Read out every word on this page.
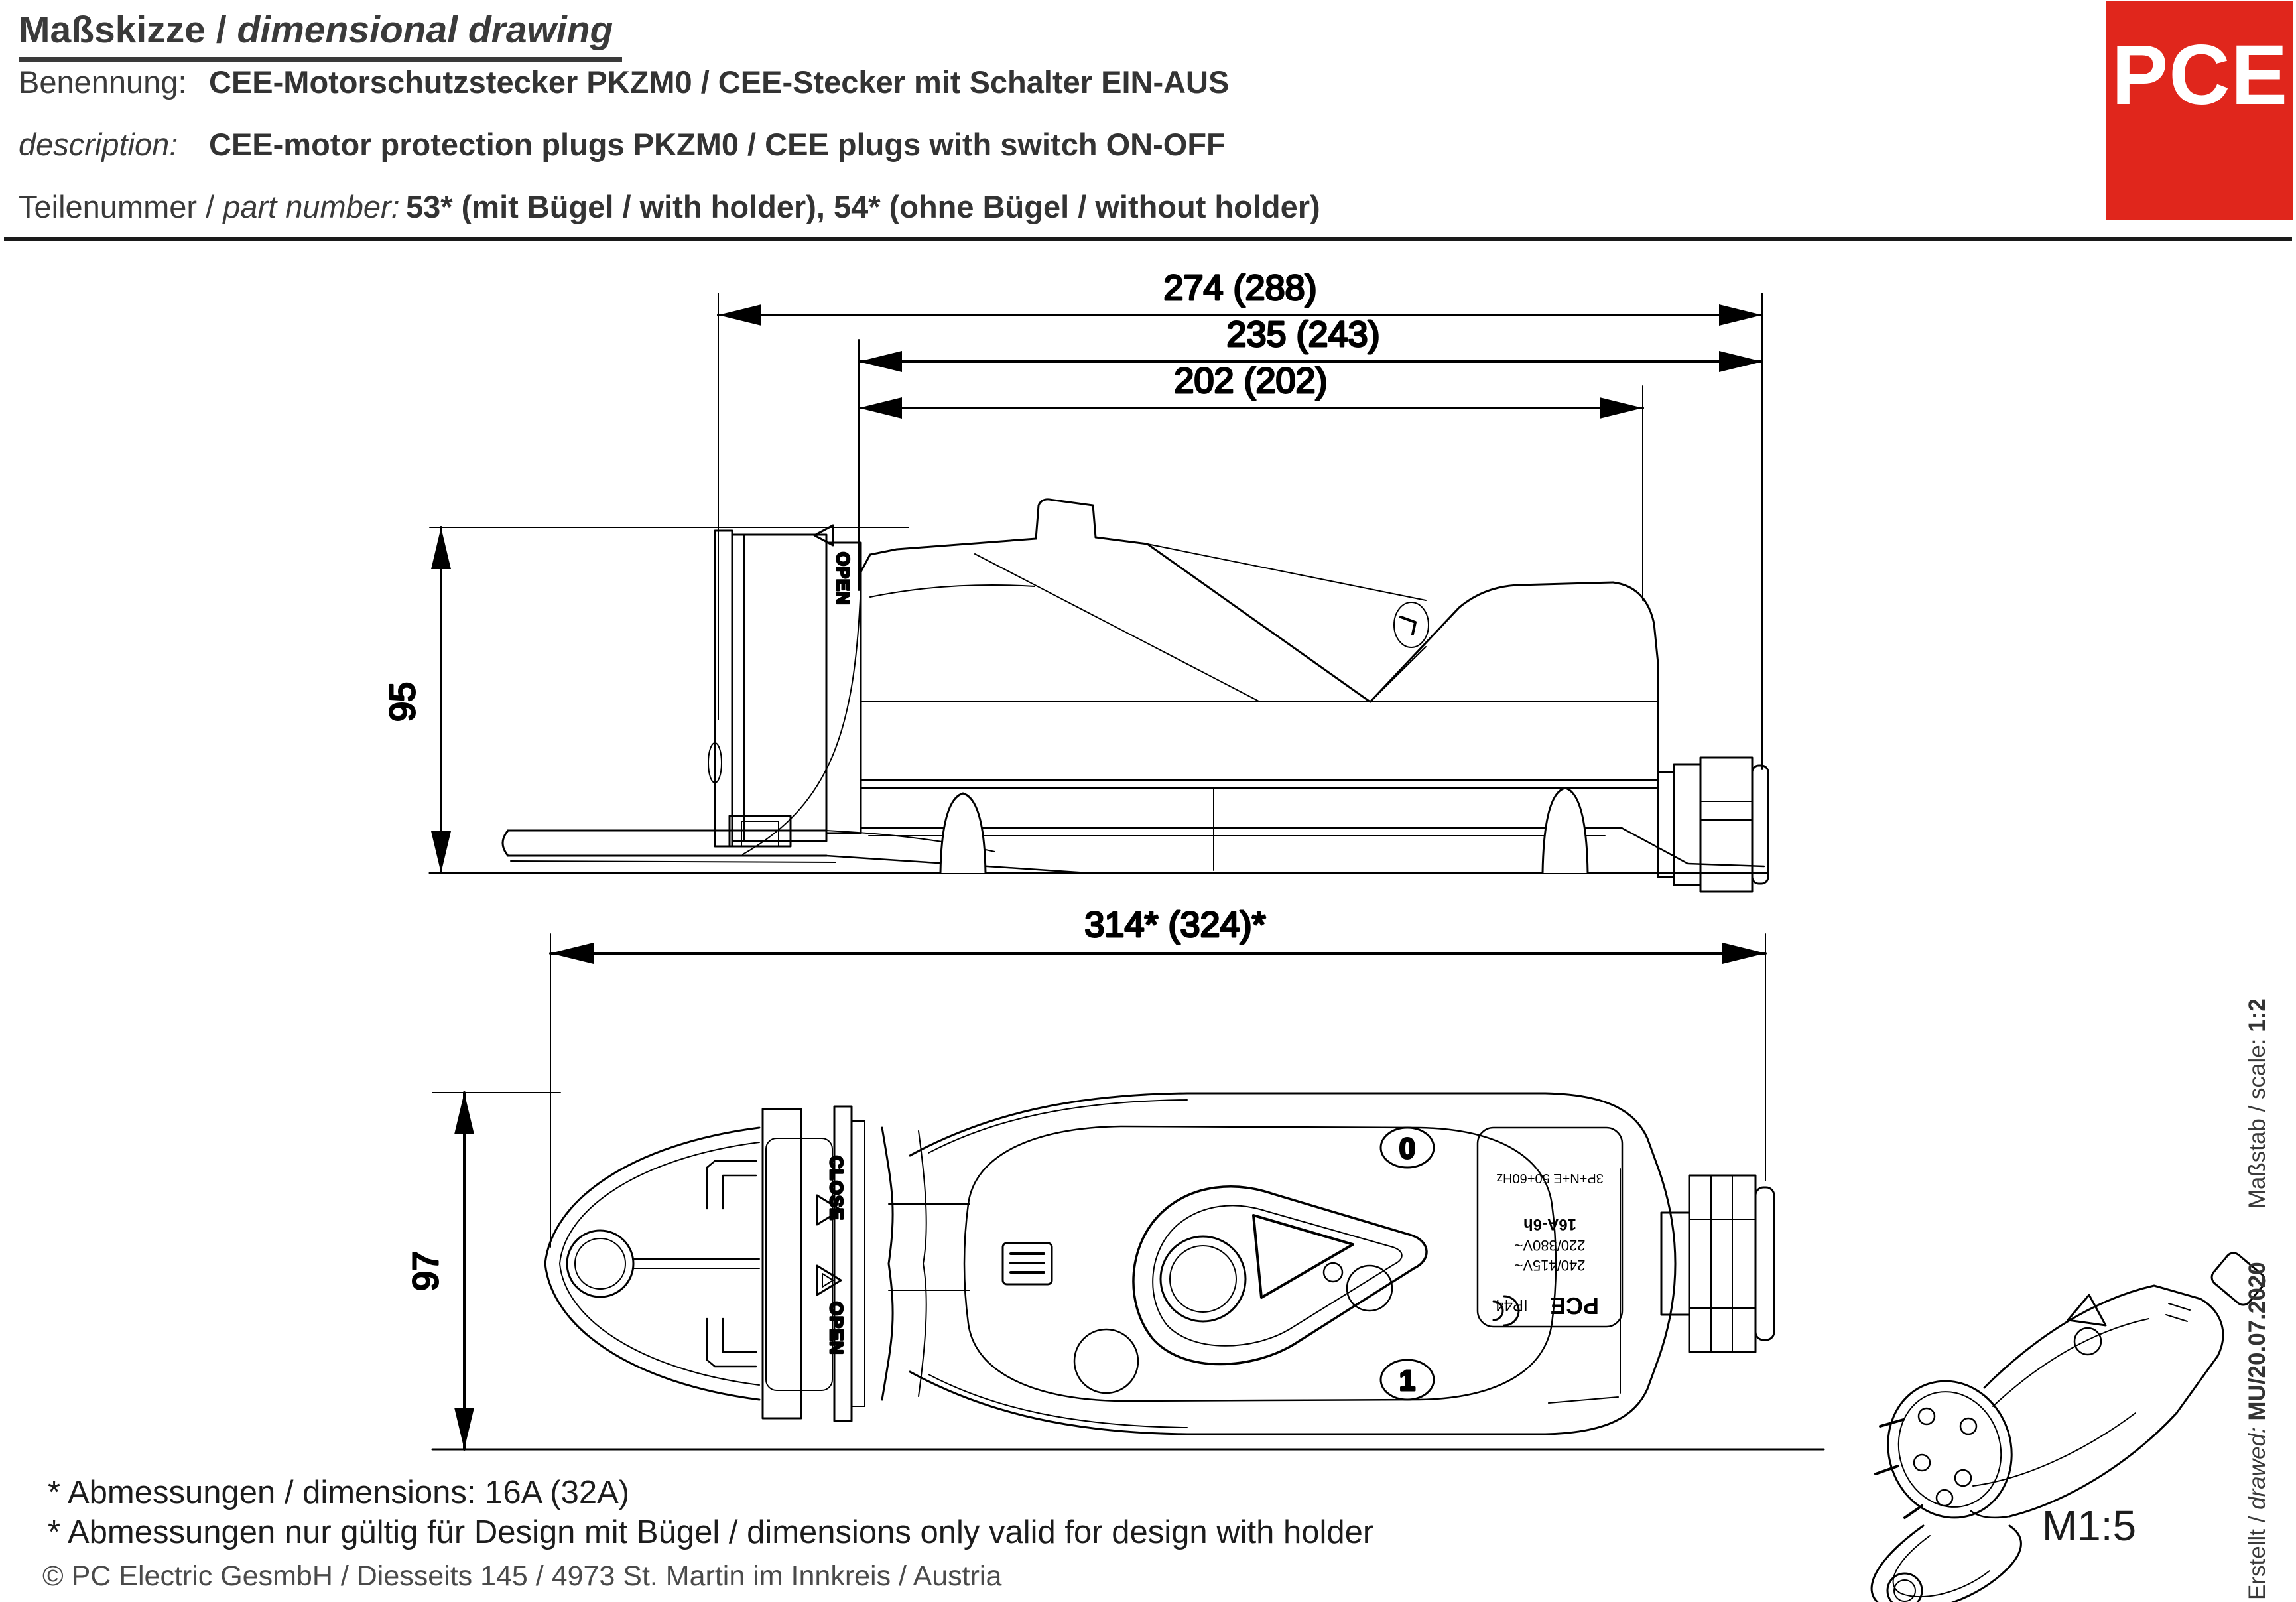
Maßskizze / dimensional drawing
Benennung: CEE-Motorschutzstecker PKZM0 / CEE-Stecker mit Schalter EIN-AUS
description: CEE-motor protection plugs PKZM0 / CEE plugs with switch ON-OFF
Teilenummer / part number: 53* (mit Bügel / with holder), 54* (ohne Bügel / without holder)
PCE
274 (288)
235 (243)
202 (202)
95
OPEN
314* (324)*
97
CLOSE
OPEN
0
1
PCE
IP44
240/415V~
220/380V~
16A-6h
3P+N+E 50+60Hz
M1:5
* Abmessungen / dimensions: 16A (32A)
* Abmessungen nur gültig für Design mit Bügel / dimensions only valid for design with holder
© PC Electric GesmbH / Diesseits 145 / 4973 St. Martin im Innkreis / Austria	Erstellt / drawed: MU/20.07.2020Maßstab / scale: 1:2
